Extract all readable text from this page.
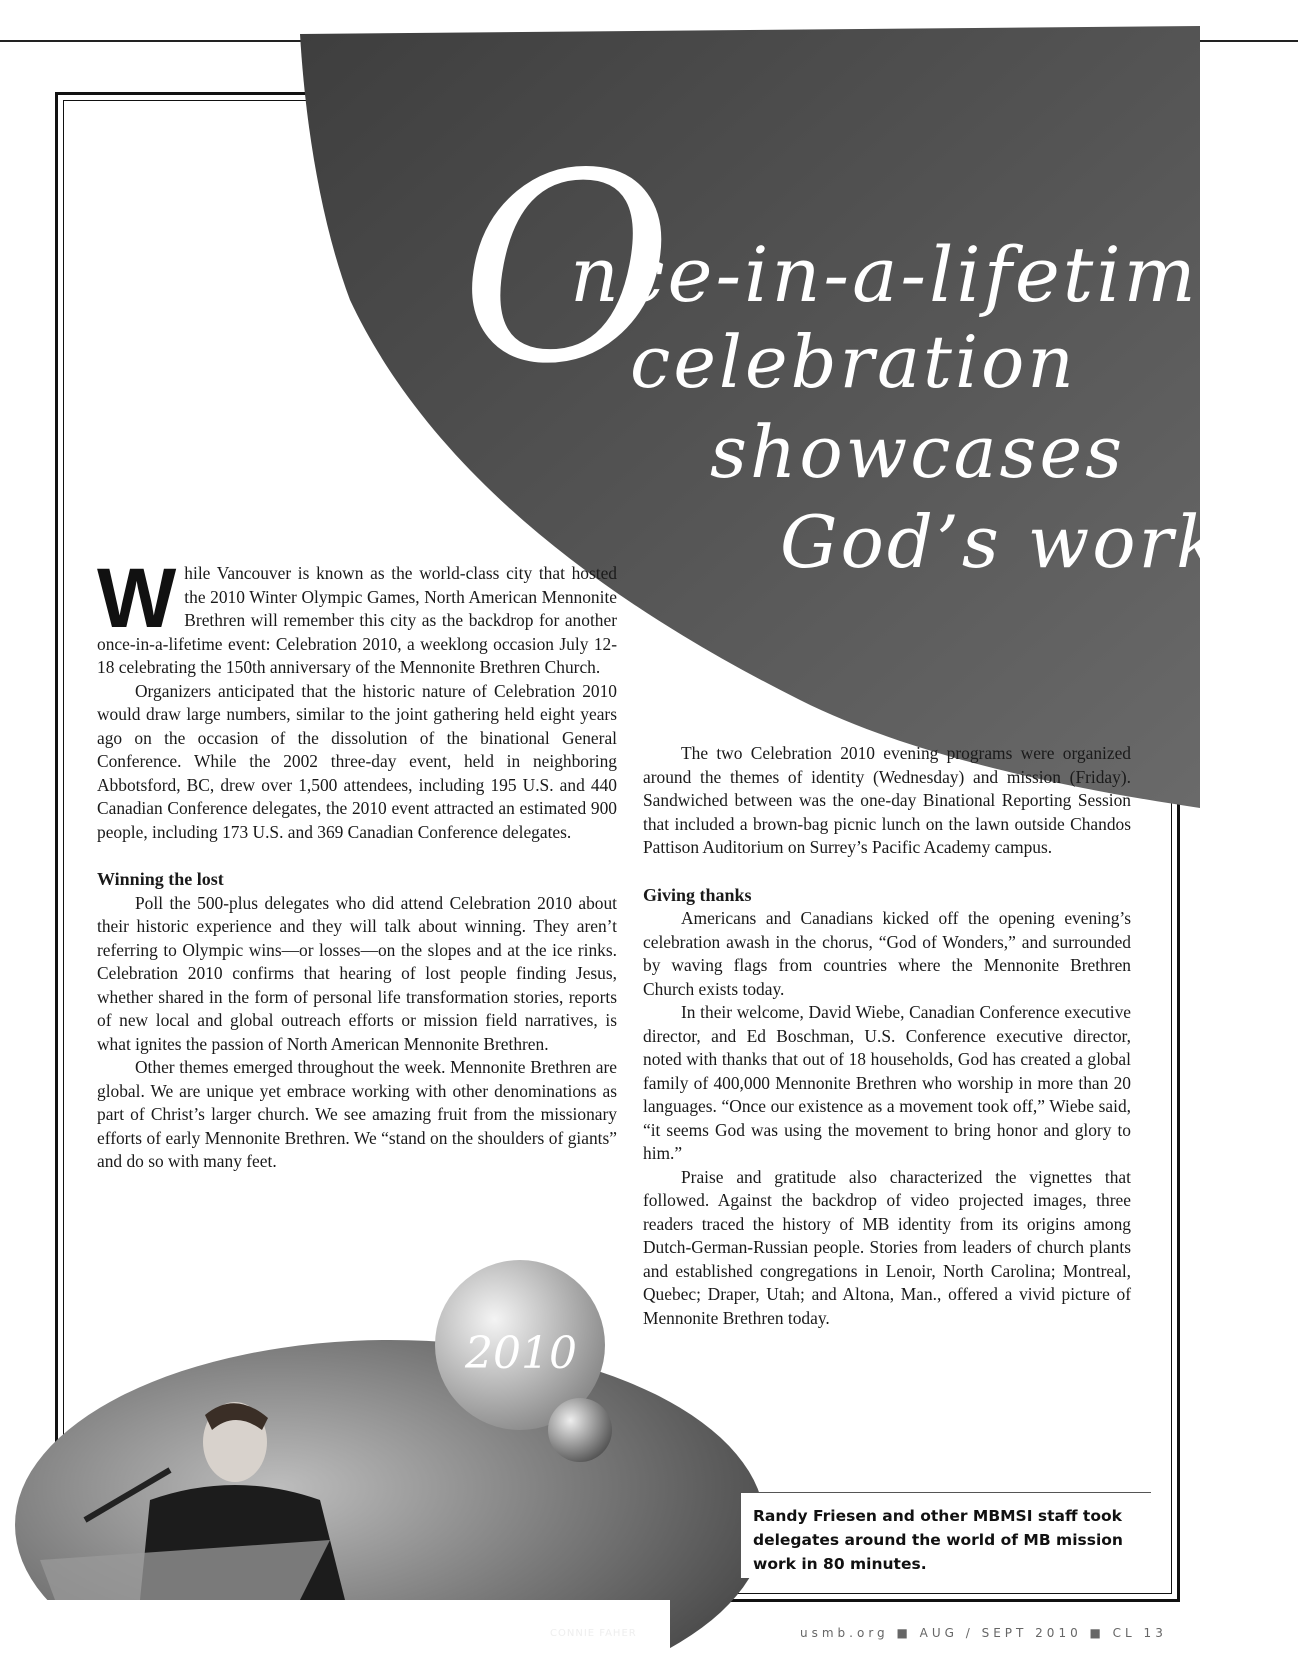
O
nce-in-a-lifetime
celebration
showcases
God’s work

While Vancouver is known as the world-class city that hosted the 2010 Winter Olympic Games, North American Mennonite Brethren will remember this city as the backdrop for another once-in-a-lifetime event: Celebration 2010, a weeklong occasion July 12-18 celebrating the 150th anniversary of the Mennonite Brethren Church.

Organizers anticipated that the historic nature of Celebration 2010 would draw large numbers, similar to the joint gathering held eight years ago on the occasion of the dissolution of the binational General Conference. While the 2002 three-day event, held in neighboring Abbotsford, BC, drew over 1,500 attendees, including 195 U.S. and 440 Canadian Conference delegates, the 2010 event attracted an estimated 900 people, including 173 U.S. and 369 Canadian Conference delegates.

Winning the lost

Poll the 500-plus delegates who did attend Celebration 2010 about their historic experience and they will talk about winning. They aren’t referring to Olympic wins—or losses—on the slopes and at the ice rinks. Celebration 2010 confirms that hearing of lost people finding Jesus, whether shared in the form of personal life transformation stories, reports of new local and global outreach efforts or mission field narratives, is what ignites the passion of North American Mennonite Brethren.

Other themes emerged throughout the week. Mennonite Brethren are global. We are unique yet embrace working with other denominations as part of Christ’s larger church. We see amazing fruit from the missionary efforts of early Mennonite Brethren. We “stand on the shoulders of giants” and do so with many feet.

The two Celebration 2010 evening programs were organized around the themes of identity (Wednesday) and mission (Friday). Sandwiched between was the one-day Binational Reporting Session that included a brown-bag picnic lunch on the lawn outside Chandos Pattison Auditorium on Surrey’s Pacific Academy campus.

Giving thanks

Americans and Canadians kicked off the opening evening’s celebration awash in the chorus, “God of Wonders,” and surrounded by waving flags from countries where the Mennonite Brethren Church exists today.

In their welcome, David Wiebe, Canadian Conference executive director, and Ed Boschman, U.S. Conference executive director, noted with thanks that out of 18 households, God has created a global family of 400,000 Mennonite Brethren who worship in more than 20 languages. “Once our existence as a movement took off,” Wiebe said, “it seems God was using the movement to bring honor and glory to him.”

Praise and gratitude also characterized the vignettes that followed. Against the backdrop of video projected images, three readers traced the history of MB identity from its origins among Dutch-German-Russian people. Stories from leaders of church plants and established congregations in Lenoir, North Carolina; Montreal, Quebec; Draper, Utah; and Altona, Man., offered a vivid picture of Mennonite Brethren today.

2010
Randy Friesen and other MBMSI staff took delegates around the world of MB mission work in 80 minutes.
CONNIE FAHER	usmb.org ■ AUG / SEPT 2010 ■ CL 13
